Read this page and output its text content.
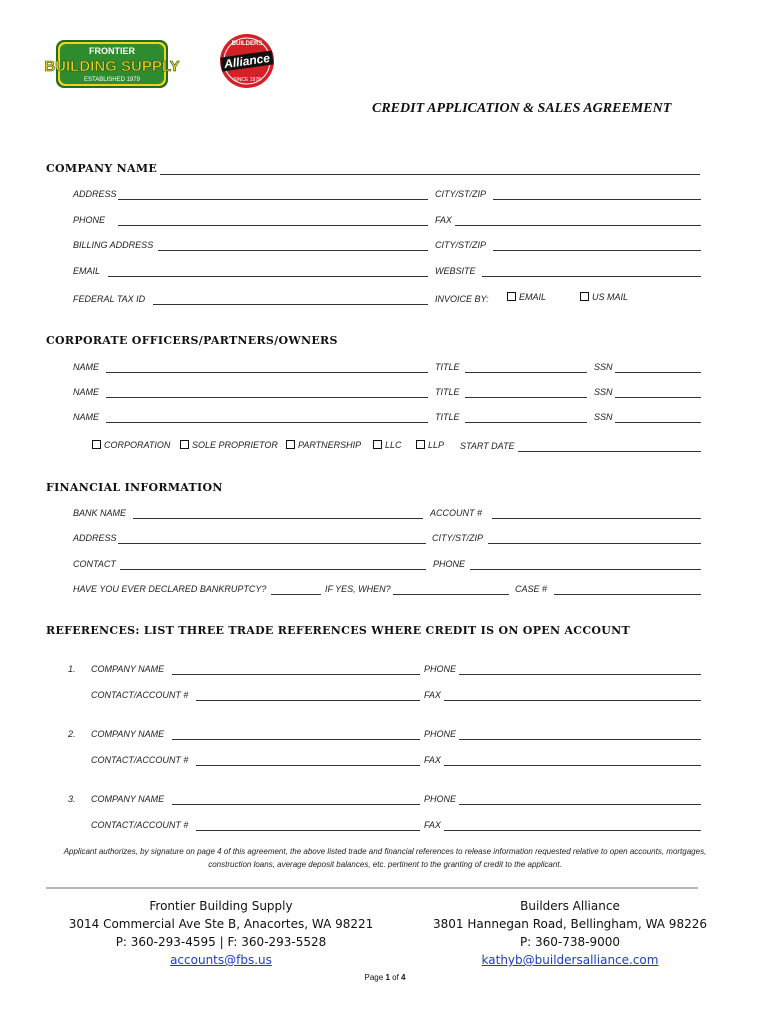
FRONTIER
BUILDING SUPPLY
ESTABLISHED 1979
BUILDERS
Alliance
SINCE 1978
CREDIT APPLICATION & SALES AGREEMENT
COMPANY NAME
ADDRESS	CITY/ST/ZIP
PHONE	FAX
BILLING ADDRESS	CITY/ST/ZIP
EMAIL	WEBSITE
FEDERAL TAX ID	INVOICE BY:	EMAIL	US MAIL
CORPORATE OFFICERS/PARTNERS/OWNERS
NAME	TITLE	SSN
NAME	TITLE	SSN
NAME	TITLE	SSN
CORPORATION	SOLE PROPRIETOR	PARTNERSHIP	LLC	LLP START DATE
FINANCIAL INFORMATION
BANK NAME	ACCOUNT #
ADDRESS	CITY/ST/ZIP
CONTACT	PHONE
HAVE YOU EVER DECLARED BANKRUPTCY?	IF YES, WHEN?	CASE #
REFERENCES: LIST THREE TRADE REFERENCES WHERE CREDIT IS ON OPEN ACCOUNT
1. COMPANY NAME	PHONE
CONTACT/ACCOUNT #	FAX
2. COMPANY NAME	PHONE
CONTACT/ACCOUNT #	FAX
3. COMPANY NAME	PHONE
CONTACT/ACCOUNT #	FAX
Applicant authorizes, by signature on page 4 of this agreement, the above listed trade and financial references to release information requested relative to open accounts, mortgages, construction loans, average deposit balances, etc. pertinent to the granting of credit to the applicant.
Frontier Building Supply
3014 Commercial Ave Ste B, Anacortes, WA 98221
P: 360-293-4595 | F: 360-293-5528
accounts@fbs.us
Builders Alliance
3801 Hannegan Road, Bellingham, WA 98226
P: 360-738-9000
kathyb@buildersalliance.com
Page 1 of 4
